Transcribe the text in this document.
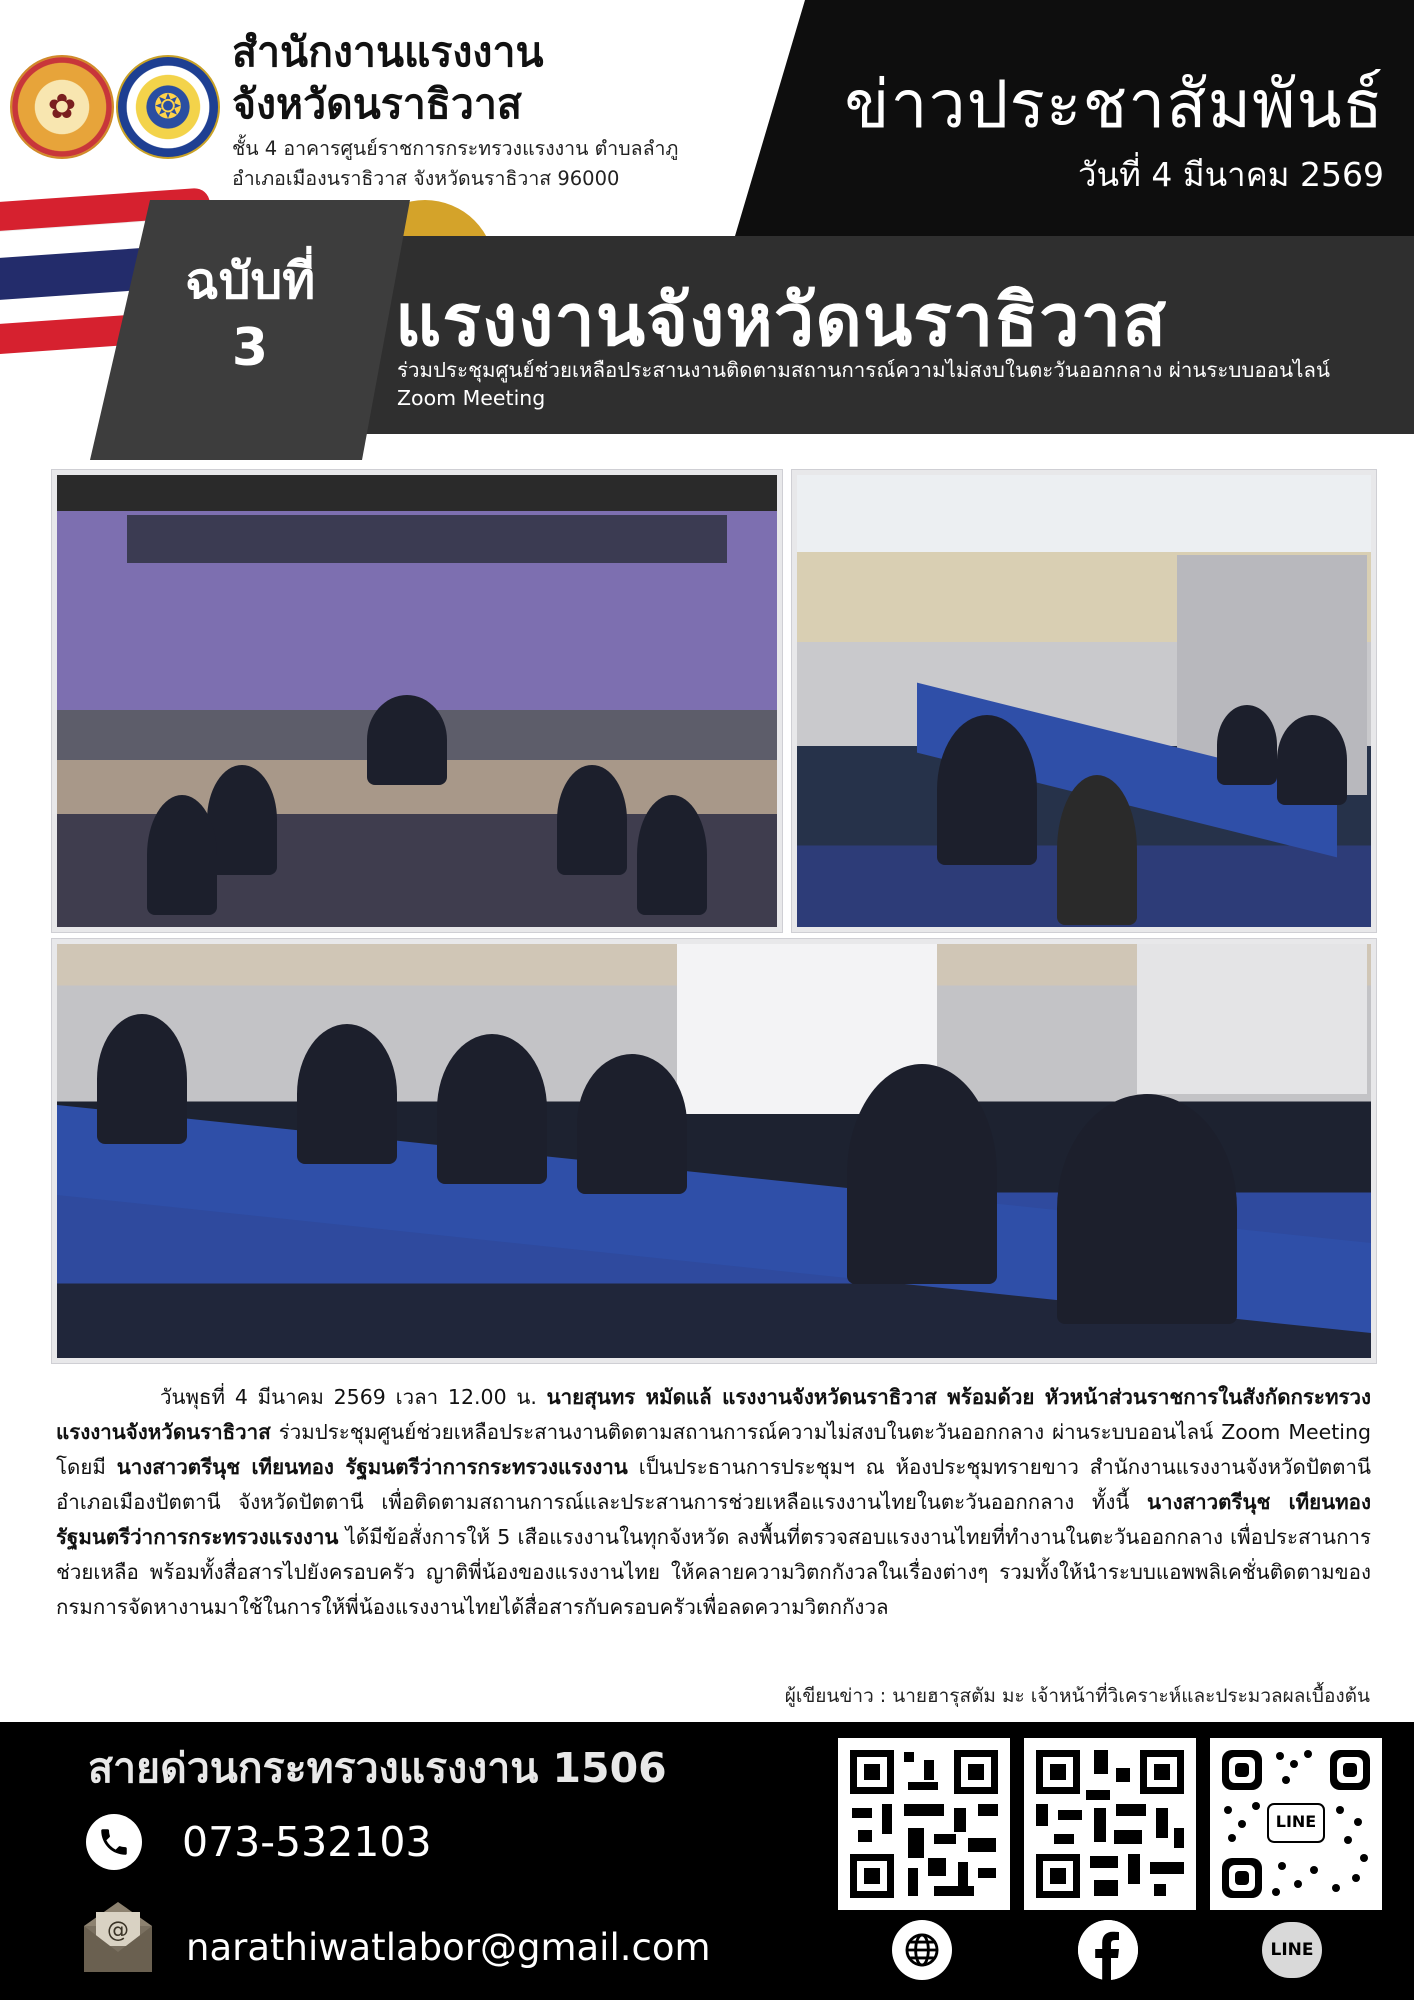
✿	❂
สำนักงานแรงงาน
จังหวัดนราธิวาส
ชั้น 4 อาคารศูนย์ราชการกระทรวงแรงงาน ตำบลลำภู
อำเภอเมืองนราธิวาส จังหวัดนราธิวาส 96000
ข่าวประชาสัมพันธ์
วันที่ 4 มีนาคม 2569
ฉบับที่
3	แรงงานจังหวัดนราธิวาส
ร่วมประชุมศูนย์ช่วยเหลือประสานงานติดตามสถานการณ์ความไม่สงบในตะวันออกกลาง ผ่านระบบออนไลน์ Zoom Meeting
วันพุธที่ 4 มีนาคม 2569 เวลา 12.00 น. นายสุนทร หมัดแล้ แรงงานจังหวัดนราธิวาส พร้อมด้วย หัวหน้าส่วนราชการในสังกัดกระทรวงแรงงานจังหวัดนราธิวาส ร่วมประชุมศูนย์ช่วยเหลือประสานงานติดตามสถานการณ์ความไม่สงบในตะวันออกกลาง ผ่านระบบออนไลน์ Zoom Meeting โดยมี นางสาวตรีนุช เทียนทอง รัฐมนตรีว่าการกระทรวงแรงงาน เป็นประธานการประชุมฯ ณ ห้องประชุมทรายขาว สำนักงานแรงงานจังหวัดปัตตานี อำเภอเมืองปัตตานี จังหวัดปัตตานี เพื่อติดตามสถานการณ์และประสานการช่วยเหลือแรงงานไทยในตะวันออกกลาง ทั้งนี้ นางสาวตรีนุช เทียนทอง รัฐมนตรีว่าการกระทรวงแรงงาน ได้มีข้อสั่งการให้ 5 เสือแรงงานในทุกจังหวัด ลงพื้นที่ตรวจสอบแรงงานไทยที่ทำงานในตะวันออกกลาง เพื่อประสานการช่วยเหลือ พร้อมทั้งสื่อสารไปยังครอบครัว ญาติพี่น้องของแรงงานไทย ให้คลายความวิตกกังวลในเรื่องต่างๆ รวมทั้งให้นำระบบแอพพลิเคชั่นติดตามของกรมการจัดหางานมาใช้ในการให้พี่น้องแรงงานไทยได้สื่อสารกับครอบครัวเพื่อลดความวิตกกังวล
ผู้เขียนข่าว : นายฮารุสตัม มะ เจ้าหน้าที่วิเคราะห์และประมวลผลเบื้องต้น
สายด่วนกระทรวงแรงงาน 1506
073-532103
@ narathiwatlabor@gmail.com
LINE
LINE
